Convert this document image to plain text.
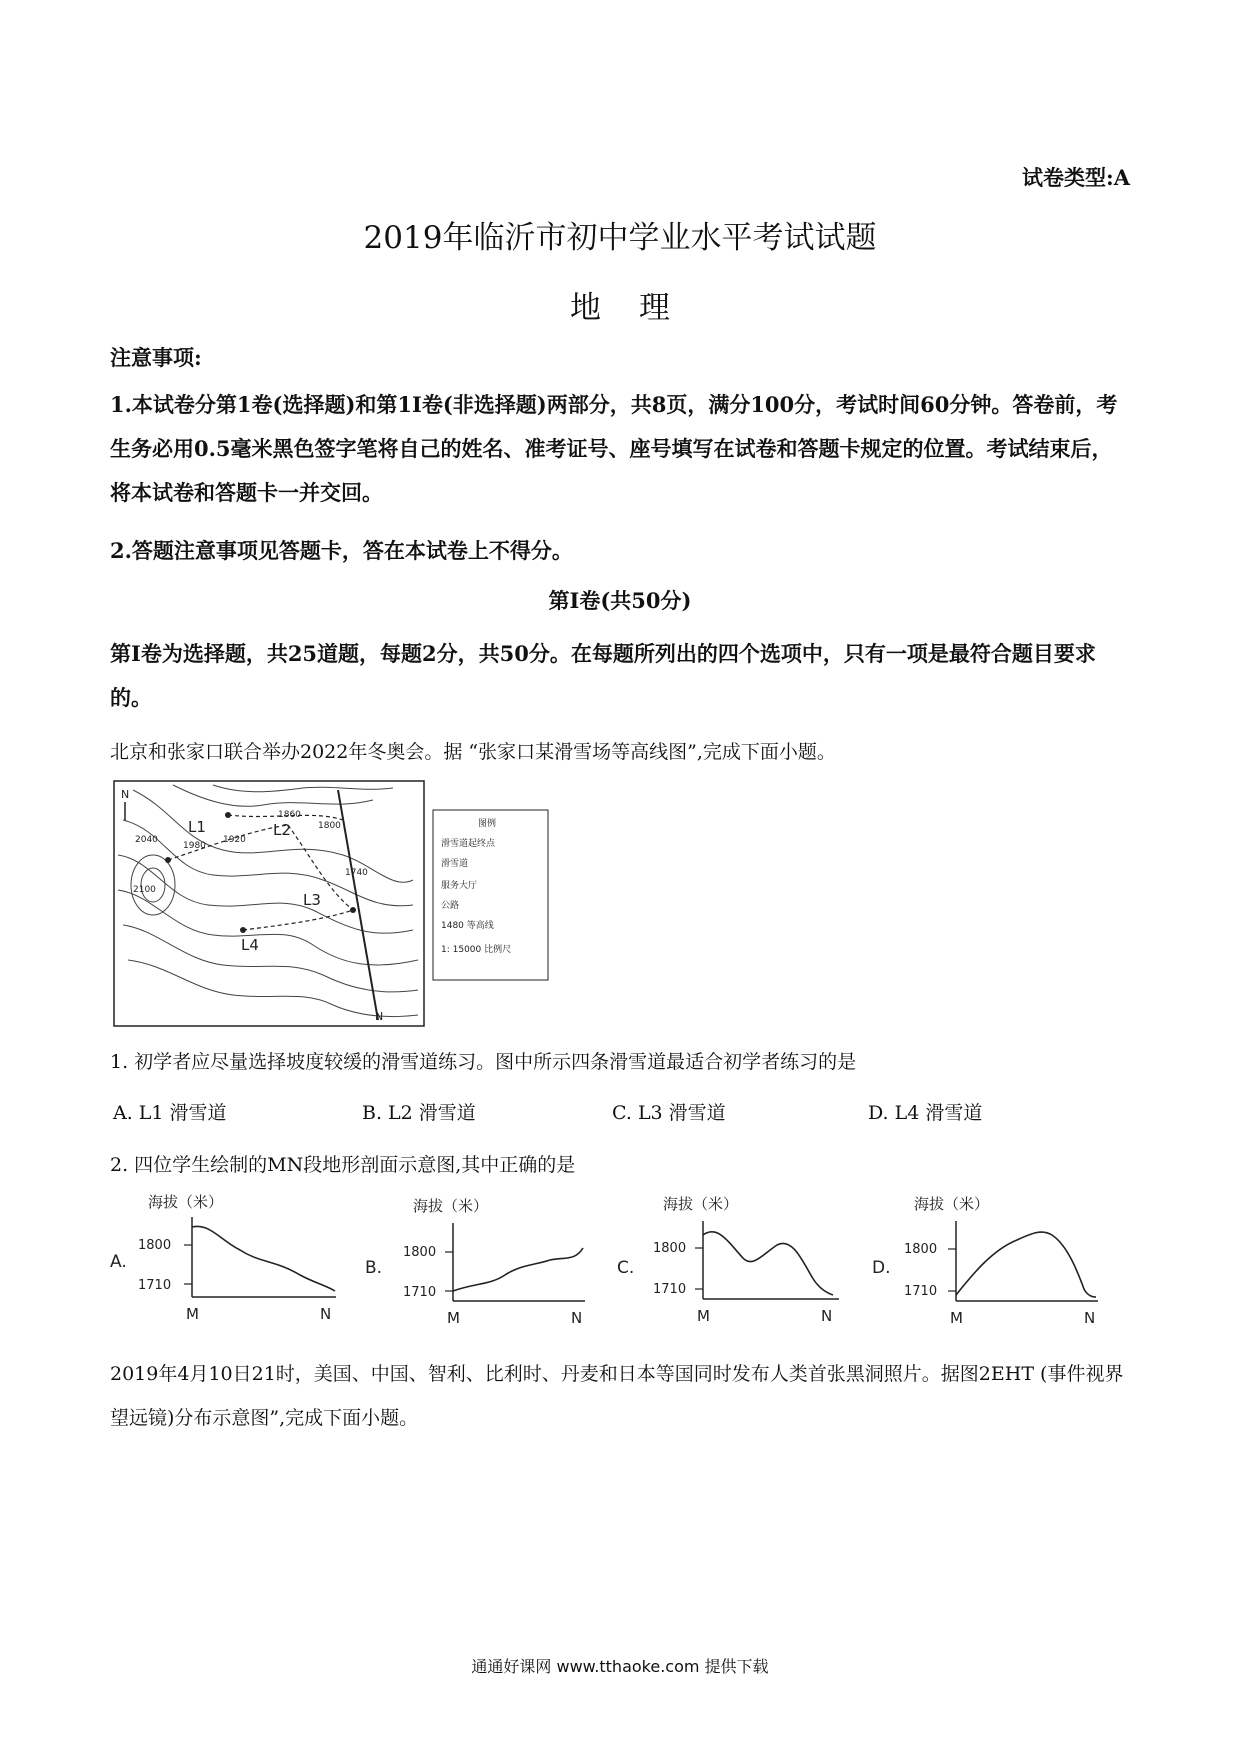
试卷类型:A
2019年临沂市初中学业水平考试试题
地理
注意事项:
1.本试卷分第1卷(选择题)和第1I卷(非选择题)两部分，共8页，满分100分，考试时间60分钟。答卷前，考生务必用0.5毫米黑色签字笔将自己的姓名、准考证号、座号填写在试卷和答题卡规定的位置。考试结束后，将本试卷和答题卡一并交回。
2.答题注意事项见答题卡，答在本试卷上不得分。
第I卷(共50分)
第I卷为选择题，共25道题，每题2分，共50分。在每题所列出的四个选项中，只有一项是最符合题目要求的。
北京和张家口联合举办2022年冬奥会。据 “张家口某滑雪场等高线图”,完成下面小题。
N
L1	L2
L3
L4
N
2040
1980
1920
1860
1800
2100
1740
图例
滑雪道起终点
滑雪道
服务大厅
公路
1480 等高线
1: 15000 比例尺
1. 初学者应尽量选择坡度较缓的滑雪道练习。图中所示四条滑雪道最适合初学者练习的是
A. L1 滑雪道	B. L2 滑雪道	C. L3 滑雪道	D. L4 滑雪道
2. 四位学生绘制的MN段地形剖面示意图,其中正确的是
A.
海拔（米）
1800
1710
M	N
B.
海拔（米）
1800
1710
M	N
C.
海拔（米）
1800
1710
M	N
D.
海拔（米）
1800
1710
M	N
2019年4月10日21时，美国、中国、智利、比利时、丹麦和日本等国同时发布人类首张黑洞照片。据图2EHT (事件视界望远镜)分布示意图”,完成下面小题。
通通好课网 www.tthaoke.com 提供下载
